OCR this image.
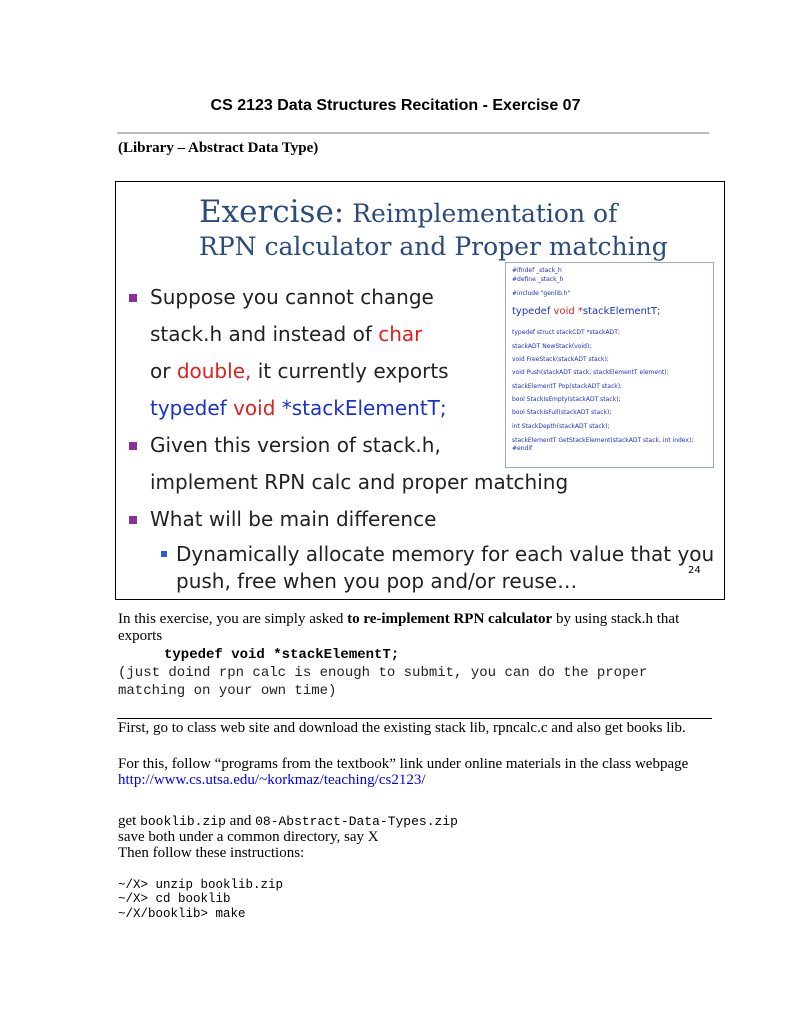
CS 2123 Data Structures Recitation - Exercise 07
(Library – Abstract Data Type)
Exercise: Reimplementation of
RPN calculator and Proper matching
Suppose you cannot change
stack.h and instead of char
or double, it currently exports
typedef void *stackElementT;
Given this version of stack.h,
implement RPN calc and proper matching
What will be main difference
Dynamically allocate memory for each value that you
push, free when you pop and/or reuse…
#ifndef _stack_h
#define _stack_h
#include "genlib.h"
typedef void *stackElementT;
typedef struct stackCDT *stackADT;
stackADT NewStack(void);
void FreeStack(stackADT stack);
void Push(stackADT stack, stackElementT element);
stackElementT Pop(stackADT stack);
bool StackIsEmpty(stackADT stack);
bool StackIsFull(stackADT stack);
int StackDepth(stackADT stack);
stackElementT GetStackElement(stackADT stack, int index);
#endif
24
In this exercise, you are simply asked to re-implement RPN calculator by using stack.h that
exports
typedef void *stackElementT;
(just doind rpn calc is enough to submit, you can do the proper
matching on your own time)
First, go to class web site and download the existing stack lib, rpncalc.c and also get books lib.
For this, follow “programs from the textbook” link under online materials in the class webpage
http://www.cs.utsa.edu/~korkmaz/teaching/cs2123/
get booklib.zip and 08-Abstract-Data-Types.zip
save both under a common directory, say X
Then follow these instructions:
~/X> unzip booklib.zip
~/X> cd booklib
~/X/booklib> make
